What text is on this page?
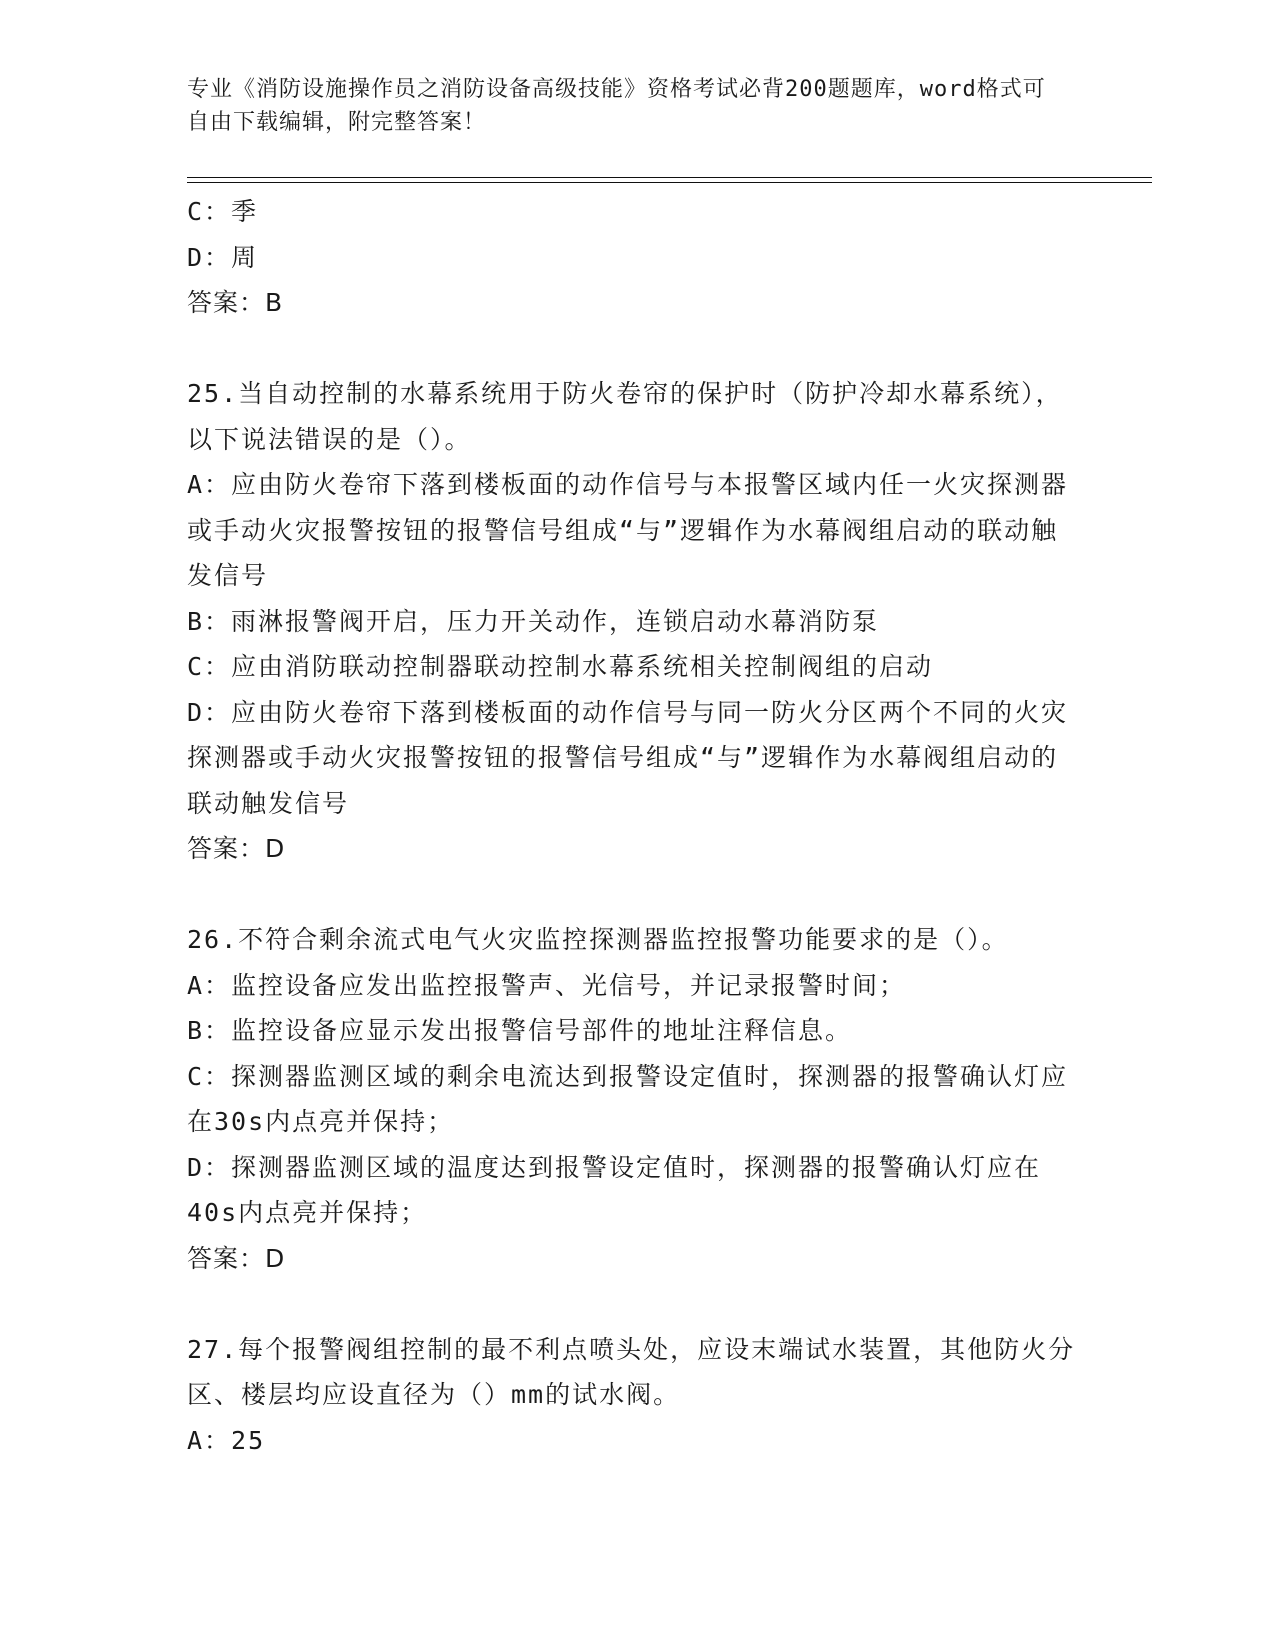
专业《消防设施操作员之消防设备高级技能》资格考试必背200题题库，word格式可自由下载编辑，附完整答案！

C：季

D：周

答案：B

25.当自动控制的水幕系统用于防火卷帘的保护时（防护冷却水幕系统），以下说法错误的是（）。

A：应由防火卷帘下落到楼板面的动作信号与本报警区域内任一火灾探测器或手动火灾报警按钮的报警信号组成“与”逻辑作为水幕阀组启动的联动触发信号

B：雨淋报警阀开启，压力开关动作，连锁启动水幕消防泵

C：应由消防联动控制器联动控制水幕系统相关控制阀组的启动

D：应由防火卷帘下落到楼板面的动作信号与同一防火分区两个不同的火灾探测器或手动火灾报警按钮的报警信号组成“与”逻辑作为水幕阀组启动的联动触发信号

答案：D

26.不符合剩余流式电气火灾监控探测器监控报警功能要求的是（）。

A：监控设备应发出监控报警声、光信号，并记录报警时间；

B：监控设备应显示发出报警信号部件的地址注释信息。

C：探测器监测区域的剩余电流达到报警设定值时，探测器的报警确认灯应在30s内点亮并保持；

D：探测器监测区域的温度达到报警设定值时，探测器的报警确认灯应在40s内点亮并保持；

答案：D

27.每个报警阀组控制的最不利点喷头处，应设末端试水装置，其他防火分区、楼层均应设直径为（）mm的试水阀。

A：25
